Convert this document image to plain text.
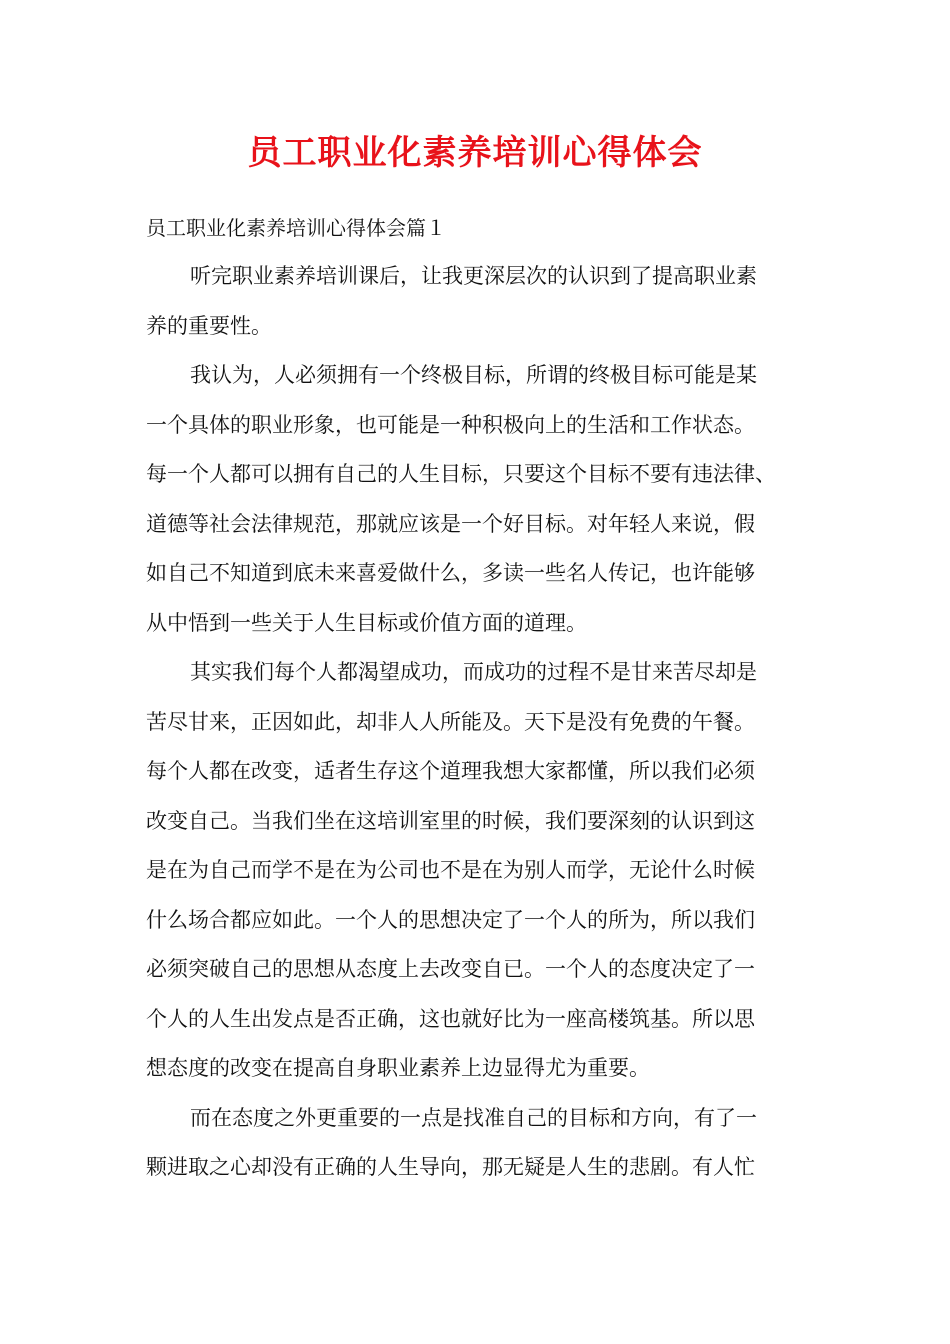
员工职业化素养培训心得体会
员工职业化素养培训心得体会篇１
听完职业素养培训课后，让我更深层次的认识到了提高职业素
养的重要性。
我认为，人必须拥有一个终极目标，所谓的终极目标可能是某
一个具体的职业形象，也可能是一种积极向上的生活和工作状态。
每一个人都可以拥有自己的人生目标，只要这个目标不要有违法律、
道德等社会法律规范，那就应该是一个好目标。对年轻人来说，假
如自己不知道到底未来喜爱做什么，多读一些名人传记，也许能够
从中悟到一些关于人生目标或价值方面的道理。
其实我们每个人都渴望成功，而成功的过程不是甘来苦尽却是
苦尽甘来，正因如此，却非人人所能及。天下是没有免费的午餐。
每个人都在改变，适者生存这个道理我想大家都懂，所以我们必须
改变自己。当我们坐在这培训室里的时候，我们要深刻的认识到这
是在为自己而学不是在为公司也不是在为别人而学，无论什么时候
什么场合都应如此。一个人的思想决定了一个人的所为，所以我们
必须突破自己的思想从态度上去改变自已。一个人的态度决定了一
个人的人生出发点是否正确，这也就好比为一座高楼筑基。所以思
想态度的改变在提高自身职业素养上边显得尤为重要。
而在态度之外更重要的一点是找准自己的目标和方向，有了一
颗进取之心却没有正确的人生导向，那无疑是人生的悲剧。有人忙
